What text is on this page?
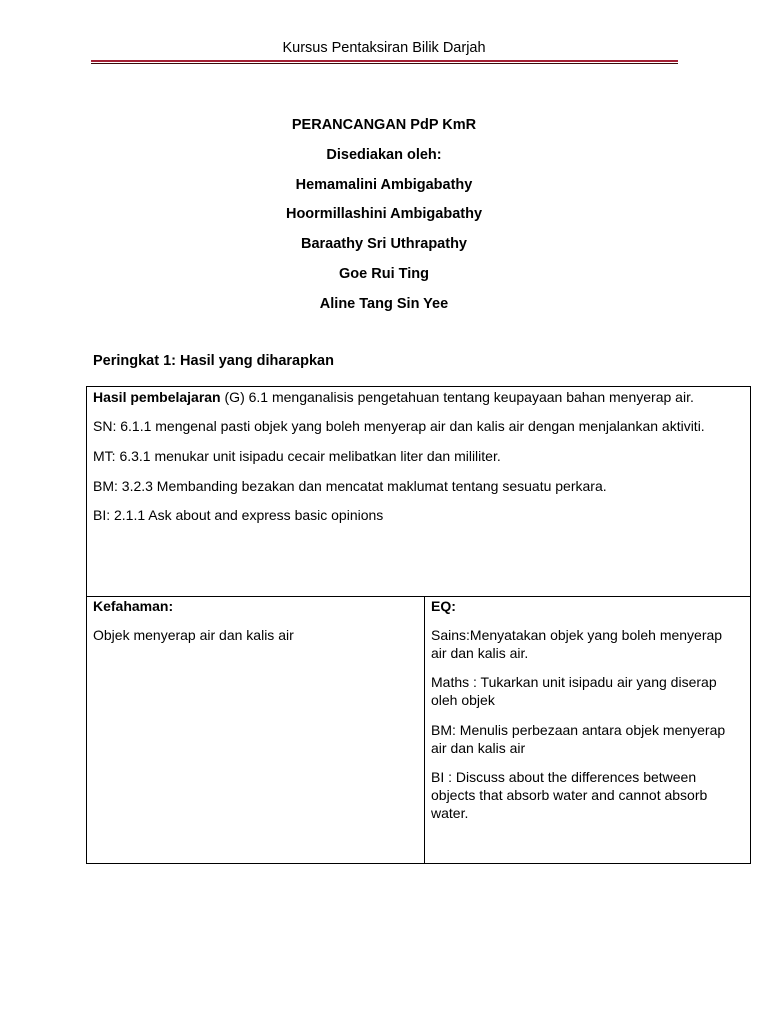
Kursus Pentaksiran Bilik Darjah
PERANCANGAN PdP KmR
Disediakan oleh:
Hemamalini Ambigabathy
Hoormillashini Ambigabathy
Baraathy Sri Uthrapathy
Goe Rui Ting
Aline Tang Sin Yee
Peringkat 1: Hasil yang diharapkan

Hasil pembelajaran (G) 6.1 menganalisis pengetahuan tentang keupayaan bahan menyerap air.

SN: 6.1.1 mengenal pasti objek yang boleh menyerap air dan kalis air dengan menjalankan aktiviti.

MT: 6.3.1 menukar unit isipadu cecair melibatkan liter dan mililiter.

BM: 3.2.3 Membanding bezakan dan mencatat maklumat tentang sesuatu perkara.

BI: 2.1.1 Ask about and express basic opinions

Kefahaman:

Objek menyerap air dan kalis air

EQ:

Sains:Menyatakan objek yang boleh menyerap

air dan kalis air.

Maths : Tukarkan unit isipadu air yang diserap

oleh objek

BM: Menulis perbezaan antara objek menyerap

air dan kalis air

BI : Discuss about the differences between

objects that absorb water and cannot absorb

water.
